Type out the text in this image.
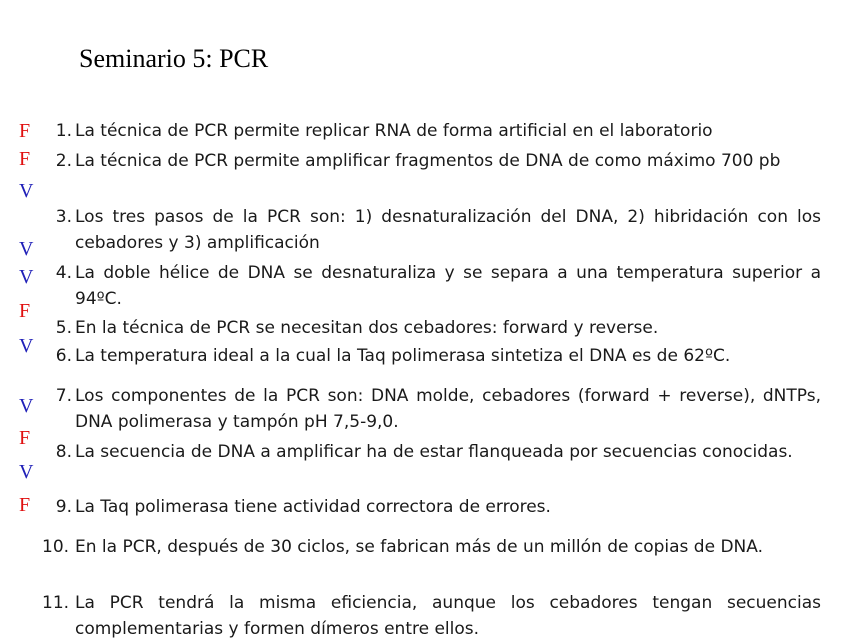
Seminario 5: PCR
F
F
V
V
V
F
V
V
F
V
F
1. La técnica de PCR permite replicar RNA de forma artificial en el laboratorio
2. La técnica de PCR permite amplificar fragmentos de DNA de como máximo 700 pb
3. Los tres pasos de la PCR son: 1) desnaturalización del DNA, 2) hibridación con los cebadores y 3) amplificación
4. La doble hélice de DNA se desnaturaliza y se separa a una temperatura superior a 94ºC.
5. En la técnica de PCR se necesitan dos cebadores: forward y reverse.
6. La temperatura ideal a la cual la Taq polimerasa sintetiza el DNA es de 62ºC.
7. Los componentes de la PCR son: DNA molde, cebadores (forward + reverse), dNTPs, DNA polimerasa y tampón pH 7,5-9,0.
8. La secuencia de DNA a amplificar ha de estar flanqueada por secuencias conocidas.
9. La Taq polimerasa tiene actividad correctora de errores.
10. En la PCR, después de 30 ciclos, se fabrican más de un millón de copias de DNA.
11. La PCR tendrá la misma eficiencia, aunque los cebadores tengan secuencias complementarias y formen dímeros entre ellos.
